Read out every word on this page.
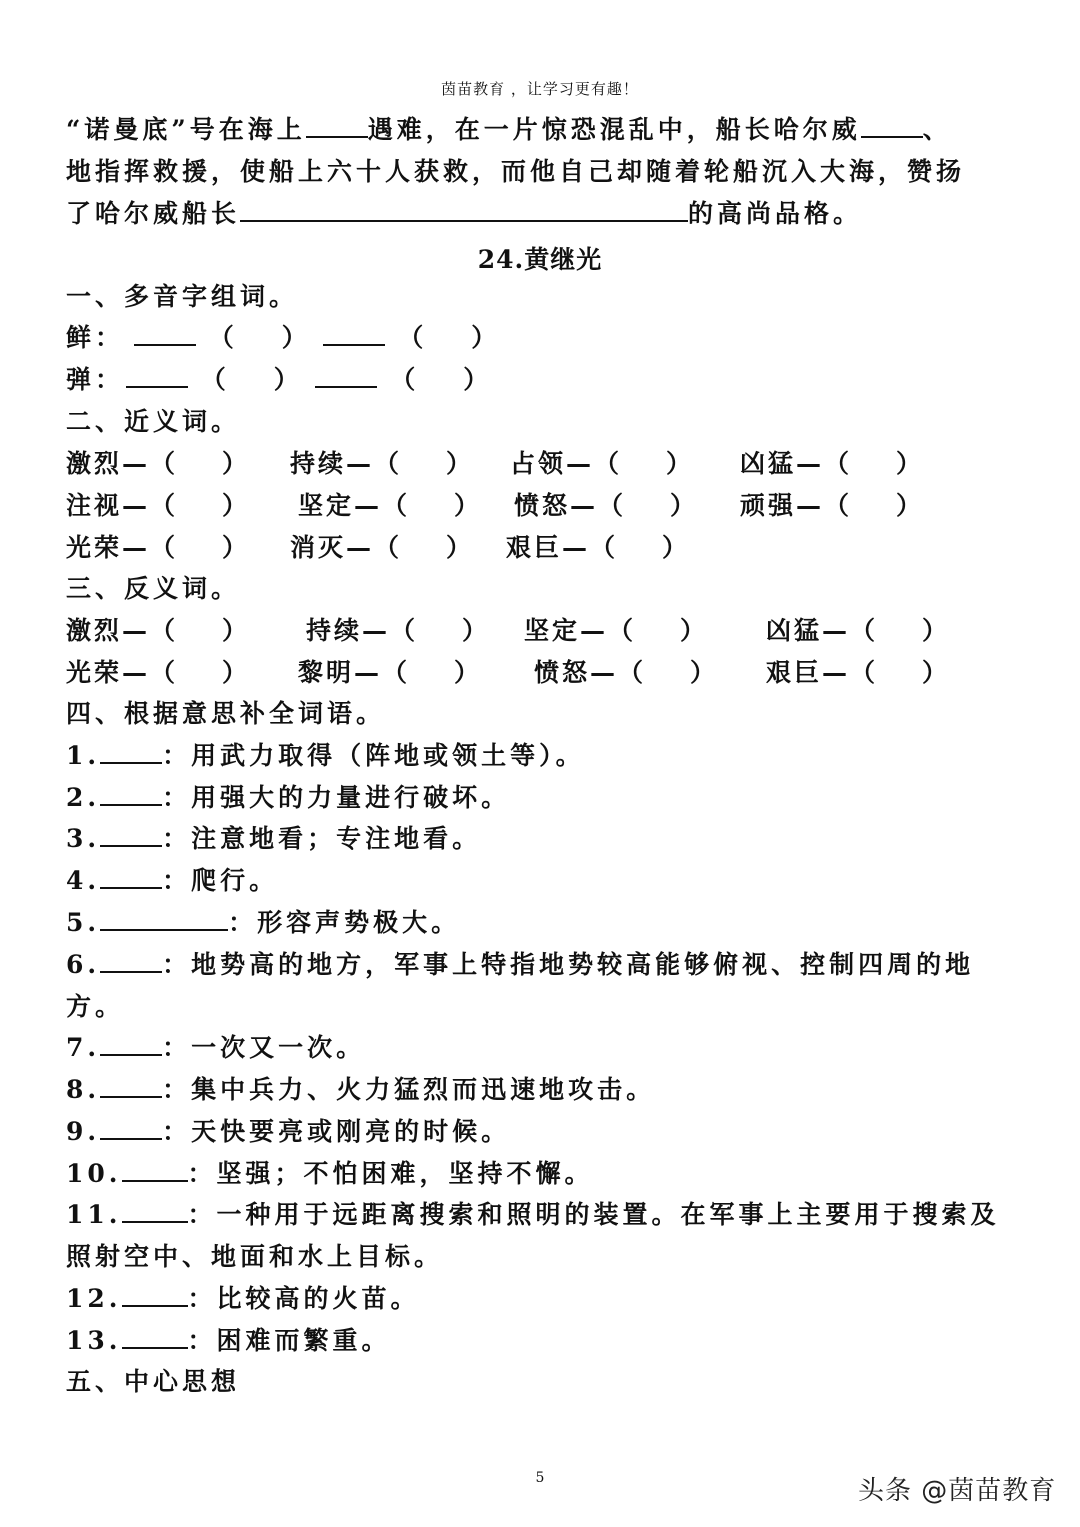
茵苗教育 ，让学习更有趣！
“诺曼底”号在海上 遇难，在一片惊恐混乱中，船长哈尔威 、
地指挥救援，使船上六十人获救，而他自己却随着轮船沉入大海，赞扬
了哈尔威船长	的高尚品格。
24.黄继光
一、多音字组词。
鲜：	（ ）	（ ）
弹：	（ ）	（ ）
二、近义词。
激烈—（ ） 持续—（ ） 占领—（ ） 凶猛—（ ）
注视—（ ） 坚定—（ ） 愤怒—（ ） 顽强—（ ）
光荣—（ ） 消灭—（ ） 艰巨—（ ）
三、反义词。
激烈—（ ） 持续—（ ） 坚定—（ ） 凶猛—（ ）
光荣—（ ） 黎明—（ ） 愤怒—（ ） 艰巨—（ ）
四、根据意思补全词语。
1. ：用武力取得（阵地或领土等）。
2. ：用强大的力量进行破坏。
3. ：注意地看；专注地看。
4. ：爬行。
5.	：形容声势极大。
6. ：地势高的地方，军事上特指地势较高能够俯视、控制四周的地
方。
7. ：一次又一次。
8. ：集中兵力、火力猛烈而迅速地攻击。
9. ：天快要亮或刚亮的时候。
10.	：坚强；不怕困难，坚持不懈。
11.	：一种用于远距离搜索和照明的装置。在军事上主要用于搜索及
照射空中、地面和水上目标。
12.	：比较高的火苗。
13.	：困难而繁重。
五、中心思想
5	头条 @茵苗教育
